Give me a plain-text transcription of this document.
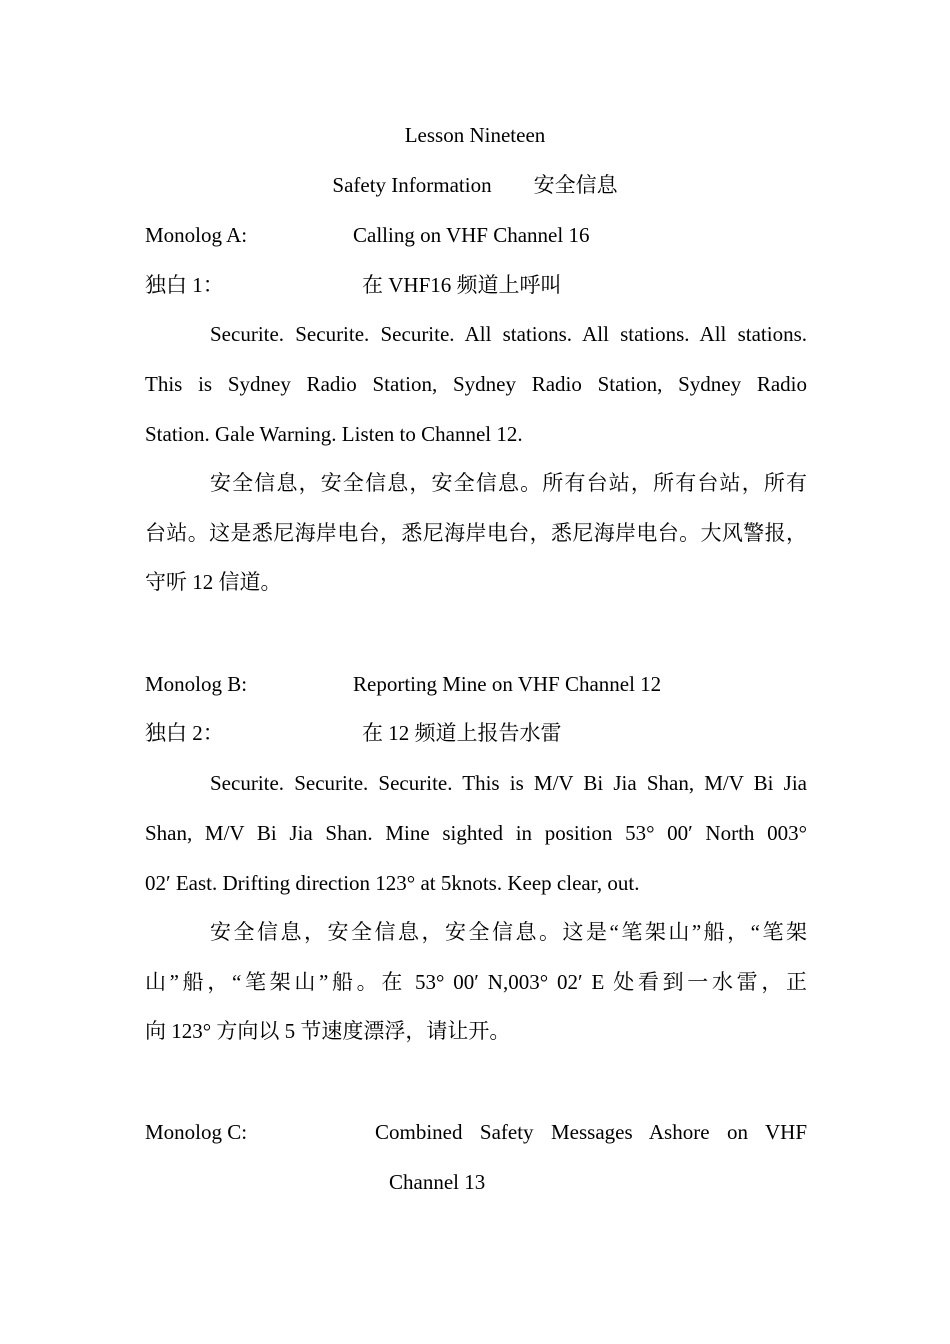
Lesson Nineteen
Safety Information　　安全信息
Monolog A:	Calling on VHF Channel 16
独白 1：	在 VHF16 频道上呼叫
Securite. Securite. Securite. All stations. All stations. All stations.
This is Sydney Radio Station, Sydney Radio Station, Sydney Radio
Station. Gale Warning. Listen to Channel 12.
安全信息，安全信息，安全信息。所有台站，所有台站，所有
台站。这是悉尼海岸电台，悉尼海岸电台，悉尼海岸电台。大风警报，
守听 12 信道。
Monolog B:	Reporting Mine on VHF Channel 12
独白 2：	在 12 频道上报告水雷
Securite. Securite. Securite. This is M/V Bi Jia Shan, M/V Bi Jia
Shan, M/V Bi Jia Shan. Mine sighted in position 53° 00′ North 003°
02′ East. Drifting direction 123° at 5knots. Keep clear, out.
安全信息，安全信息，安全信息。这是“笔架山”船，“笔架
山”船，“笔架山”船。在 53° 00′ N,003° 02′ E 处看到一水雷，正
向 123° 方向以 5 节速度漂浮，请让开。
Monolog C:	Combined Safety Messages Ashore on VHF
Channel 13
